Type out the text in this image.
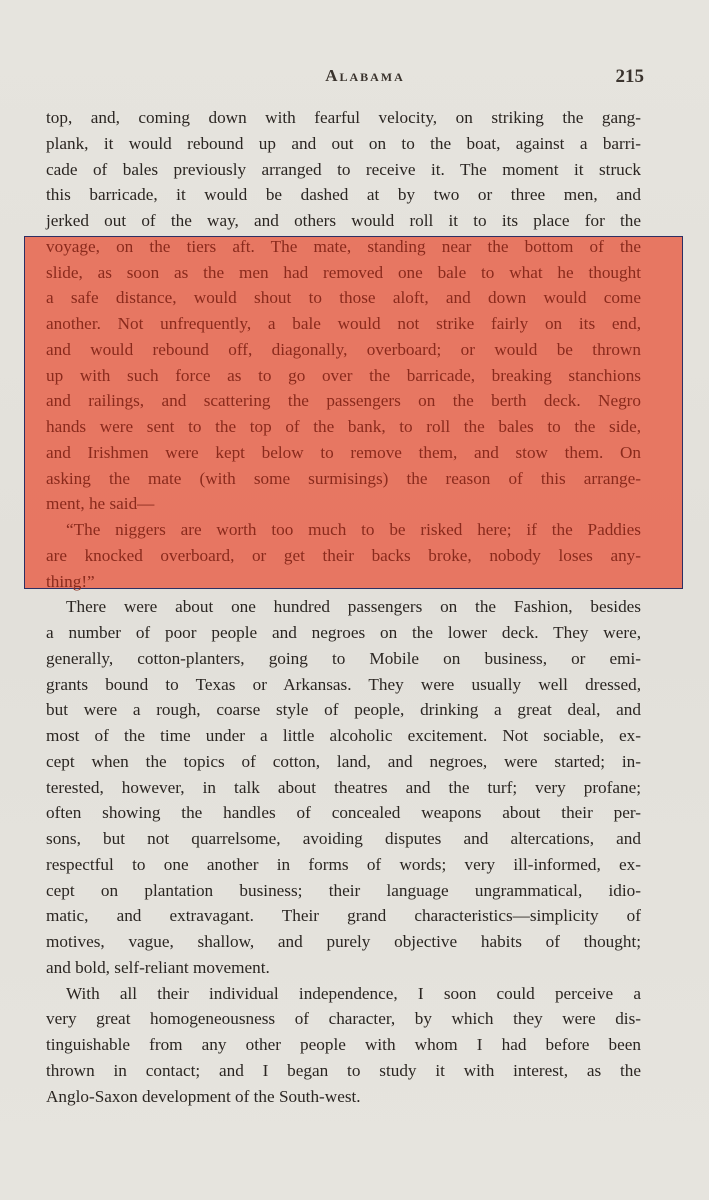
Alabama	215
top, and, coming down with fearful velocity, on striking the gang-
plank, it would rebound up and out on to the boat, against a barri-
cade of bales previously arranged to receive it. The moment it struck
this barricade, it would be dashed at by two or three men, and
jerked out of the way, and others would roll it to its place for the
voyage, on the tiers aft. The mate, standing near the bottom of the
slide, as soon as the men had removed one bale to what he thought
a safe distance, would shout to those aloft, and down would come
another. Not unfrequently, a bale would not strike fairly on its end,
and would rebound off, diagonally, overboard; or would be thrown
up with such force as to go over the barricade, breaking stanchions
and railings, and scattering the passengers on the berth deck. Negro
hands were sent to the top of the bank, to roll the bales to the side,
and Irishmen were kept below to remove them, and stow them. On
asking the mate (with some surmisings) the reason of this arrange-
ment, he said—
“The niggers are worth too much to be risked here; if the Paddies
are knocked overboard, or get their backs broke, nobody loses any-
thing!”
There were about one hundred passengers on the Fashion, besides
a number of poor people and negroes on the lower deck. They were,
generally, cotton-planters, going to Mobile on business, or emi-
grants bound to Texas or Arkansas. They were usually well dressed,
but were a rough, coarse style of people, drinking a great deal, and
most of the time under a little alcoholic excitement. Not sociable, ex-
cept when the topics of cotton, land, and negroes, were started; in-
terested, however, in talk about theatres and the turf; very profane;
often showing the handles of concealed weapons about their per-
sons, but not quarrelsome, avoiding disputes and altercations, and
respectful to one another in forms of words; very ill-informed, ex-
cept on plantation business; their language ungrammatical, idio-
matic, and extravagant. Their grand characteristics—simplicity of
motives, vague, shallow, and purely objective habits of thought;
and bold, self-reliant movement.
With all their individual independence, I soon could perceive a
very great homogeneousness of character, by which they were dis-
tinguishable from any other people with whom I had before been
thrown in contact; and I began to study it with interest, as the
Anglo-Saxon development of the South-west.
